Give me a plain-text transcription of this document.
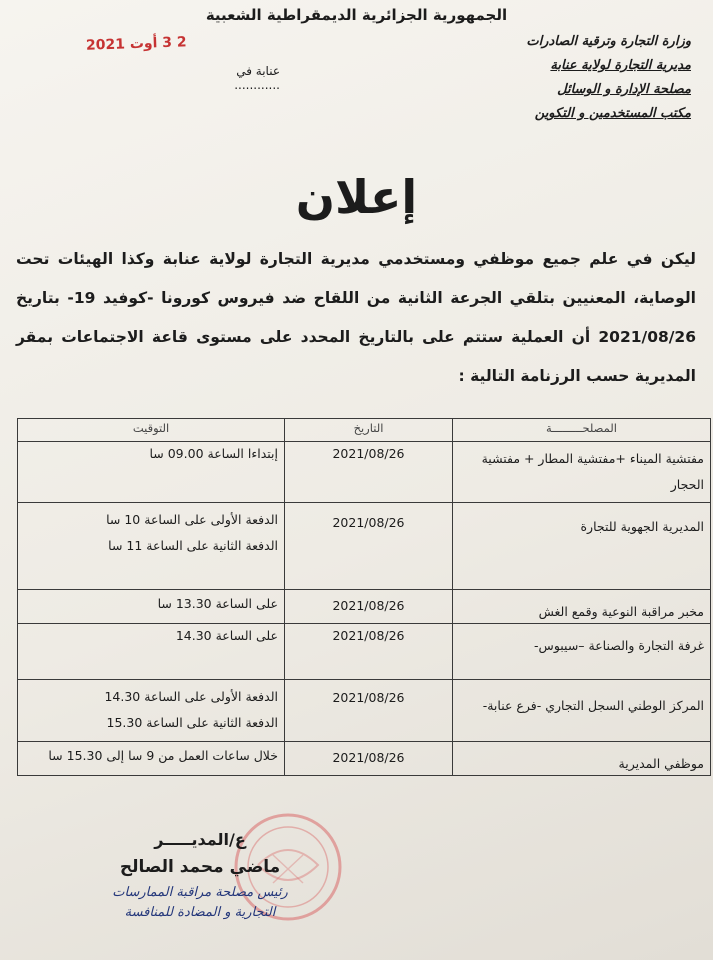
الجمهورية الجزائرية الديمقراطية الشعبية
وزارة التجارة وترقية الصادرات
مديرية التجارة لولاية عنابة
مصلحة الإدارة و الوسائل
مكتب المستخدمين و التكوين
2 3 أوت 2021
عنابة في ............
إعلان
ليكن في علم جميع موظفي ومستخدمي مديرية التجارة لولاية عنابة وكذا الهيئات تحت الوصاية، المعنيين بتلقي الجرعة الثانية من اللقاح ضد فيروس كورونا -كوفيد 19- بتاريخ 2021/08/26 أن العملية ستتم على بالتاريخ المحدد على مستوى قاعة الاجتماعات بمقر المديرية حسب الرزنامة التالية :
المصلحـــــــــة	التاريخ	التوقيت
مفتشية الميناء +مفتشية المطار + مفتشية الحجار	2021/08/26	إبتداءا الساعة 09.00 سا

المديرية الجهوية للتجارة	2021/08/26	الدفعة الأولى على الساعة 10 سا
الدفعة الثانية على الساعة 11 سا

مخبر مراقبة النوعية وقمع الغش	2021/08/26	على الساعة 13.30 سا

غرفة التجارة والصناعة –سيبوس-	2021/08/26	على الساعة 14.30

المركز الوطني السجل التجاري -فرع عنابة-	2021/08/26	الدفعة الأولى على الساعة 14.30
الدفعة الثانية على الساعة 15.30

موظفي المديرية	2021/08/26	خلال ساعات العمل من 9 سا إلى 15.30 سا
ع/المديـــــر
ماضي محمد الصالح
رئيس مصلحة مراقبة الممارسات
التجارية و المضادة للمنافسة
